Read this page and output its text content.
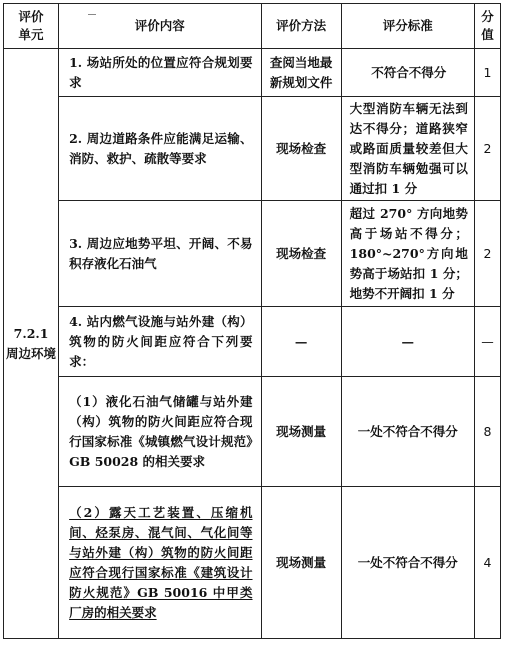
评价单元	评价内容	评价方法	评分标准	分值

7.2.1
周边环境	1. 场站所处的位置应符合规划要求	查阅当地最新规划文件	不符合不得分	1

	2. 周边道路条件应能满足运输、消防、救护、疏散等要求	现场检查	大型消防车辆无法到达不得分；道路狭窄或路面质量较差但大型消防车辆勉强可以通过扣 1 分	2

	3. 周边应地势平坦、开阔、不易积存液化石油气	现场检查	超过 270° 方向地势高于场站不得分；180°~270°方向地势高于场站扣 1 分；地势不开阔扣 1 分	2

	4. 站内燃气设施与站外建（构）筑物的防火间距应符合下列要求：	—	—	—

	（1）液化石油气储罐与站外建（构）筑物的防火间距应符合现行国家标准《城镇燃气设计规范》GB 50028 的相关要求	现场测量	一处不符合不得分	8

	（2）露天工艺装置、压缩机间、烃泵房、混气间、气化间等与站外建（构）筑物的防火间距应符合现行国家标准《建筑设计防火规范》GB 50016 中甲类厂房的相关要求	现场测量	一处不符合不得分	4
